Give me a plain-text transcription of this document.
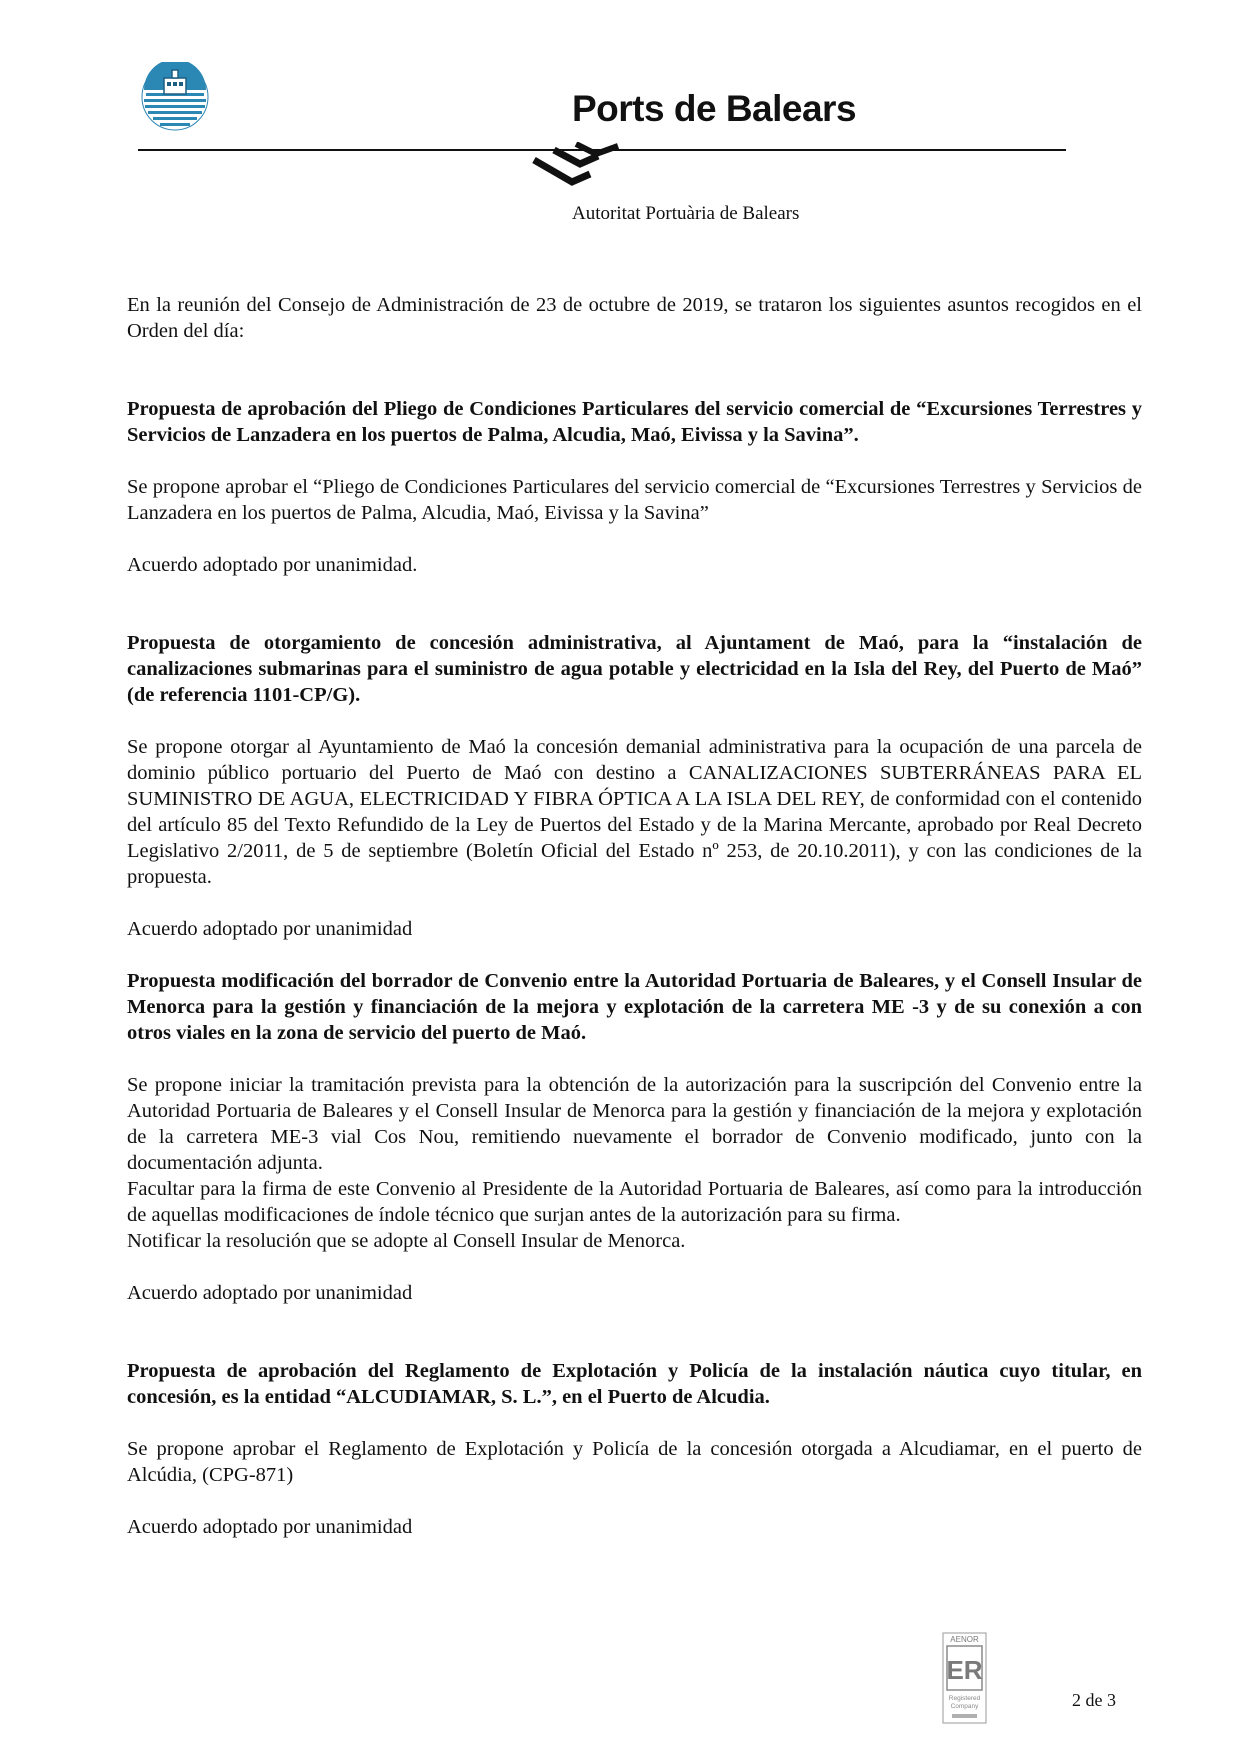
Ports de Balears
Autoritat Portuària de Balears

En la reunión del Consejo de Administración de 23 de octubre de 2019, se trataron los siguientes asuntos recogidos en el Orden del día:

Propuesta de aprobación del Pliego de Condiciones Particulares del servicio comercial de “Excursiones Terrestres y Servicios de Lanzadera en los puertos de Palma, Alcudia, Maó, Eivissa y la Savina”.

Se propone aprobar el “Pliego de Condiciones Particulares del servicio comercial de “Excursiones Terrestres y Servicios de Lanzadera en los puertos de Palma, Alcudia, Maó, Eivissa y la Savina”

Acuerdo adoptado por unanimidad.

Propuesta de otorgamiento de concesión administrativa, al Ajuntament de Maó, para la “instalación de canalizaciones submarinas para el suministro de agua potable y electricidad en la Isla del Rey, del Puerto de Maó” (de referencia 1101-CP/G).

Se propone otorgar al Ayuntamiento de Maó la concesión demanial administrativa para la ocupación de una parcela de dominio público portuario del Puerto de Maó con destino a CANALIZACIONES SUBTERRÁNEAS PARA EL SUMINISTRO DE AGUA, ELECTRICIDAD Y FIBRA ÓPTICA A LA ISLA DEL REY, de conformidad con el contenido del artículo 85 del Texto Refundido de la Ley de Puertos del Estado y de la Marina Mercante, aprobado por Real Decreto Legislativo 2/2011, de 5 de septiembre (Boletín Oficial del Estado nº 253, de 20.10.2011), y con las condiciones de la propuesta.

Acuerdo adoptado por unanimidad

Propuesta modificación del borrador de Convenio entre la Autoridad Portuaria de Baleares, y el Consell Insular de Menorca para la gestión y financiación de la mejora y explotación de la carretera ME -3 y de su conexión a con otros viales en la zona de servicio del puerto de Maó.

Se propone iniciar la tramitación prevista para la obtención de la autorización para la suscripción del Convenio entre la Autoridad Portuaria de Baleares y el Consell Insular de Menorca para la gestión y financiación de la mejora y explotación de la carretera ME-3 vial Cos Nou, remitiendo nuevamente el borrador de Convenio modificado, junto con la documentación adjunta.

Facultar para la firma de este Convenio al Presidente de la Autoridad Portuaria de Baleares, así como para la introducción de aquellas modificaciones de índole técnico que surjan antes de la autorización para su firma.

Notificar la resolución que se adopte al Consell Insular de Menorca.

Acuerdo adoptado por unanimidad

Propuesta de aprobación del Reglamento de Explotación y Policía de la instalación náutica cuyo titular, en concesión, es la entidad “ALCUDIAMAR, S. L.”, en el Puerto de Alcudia.

Se propone aprobar el Reglamento de Explotación y Policía de la concesión otorgada a Alcudiamar, en el puerto de Alcúdia, (CPG-871)

Acuerdo adoptado por unanimidad

AENOR
ER
Registered
Company	2 de 3
